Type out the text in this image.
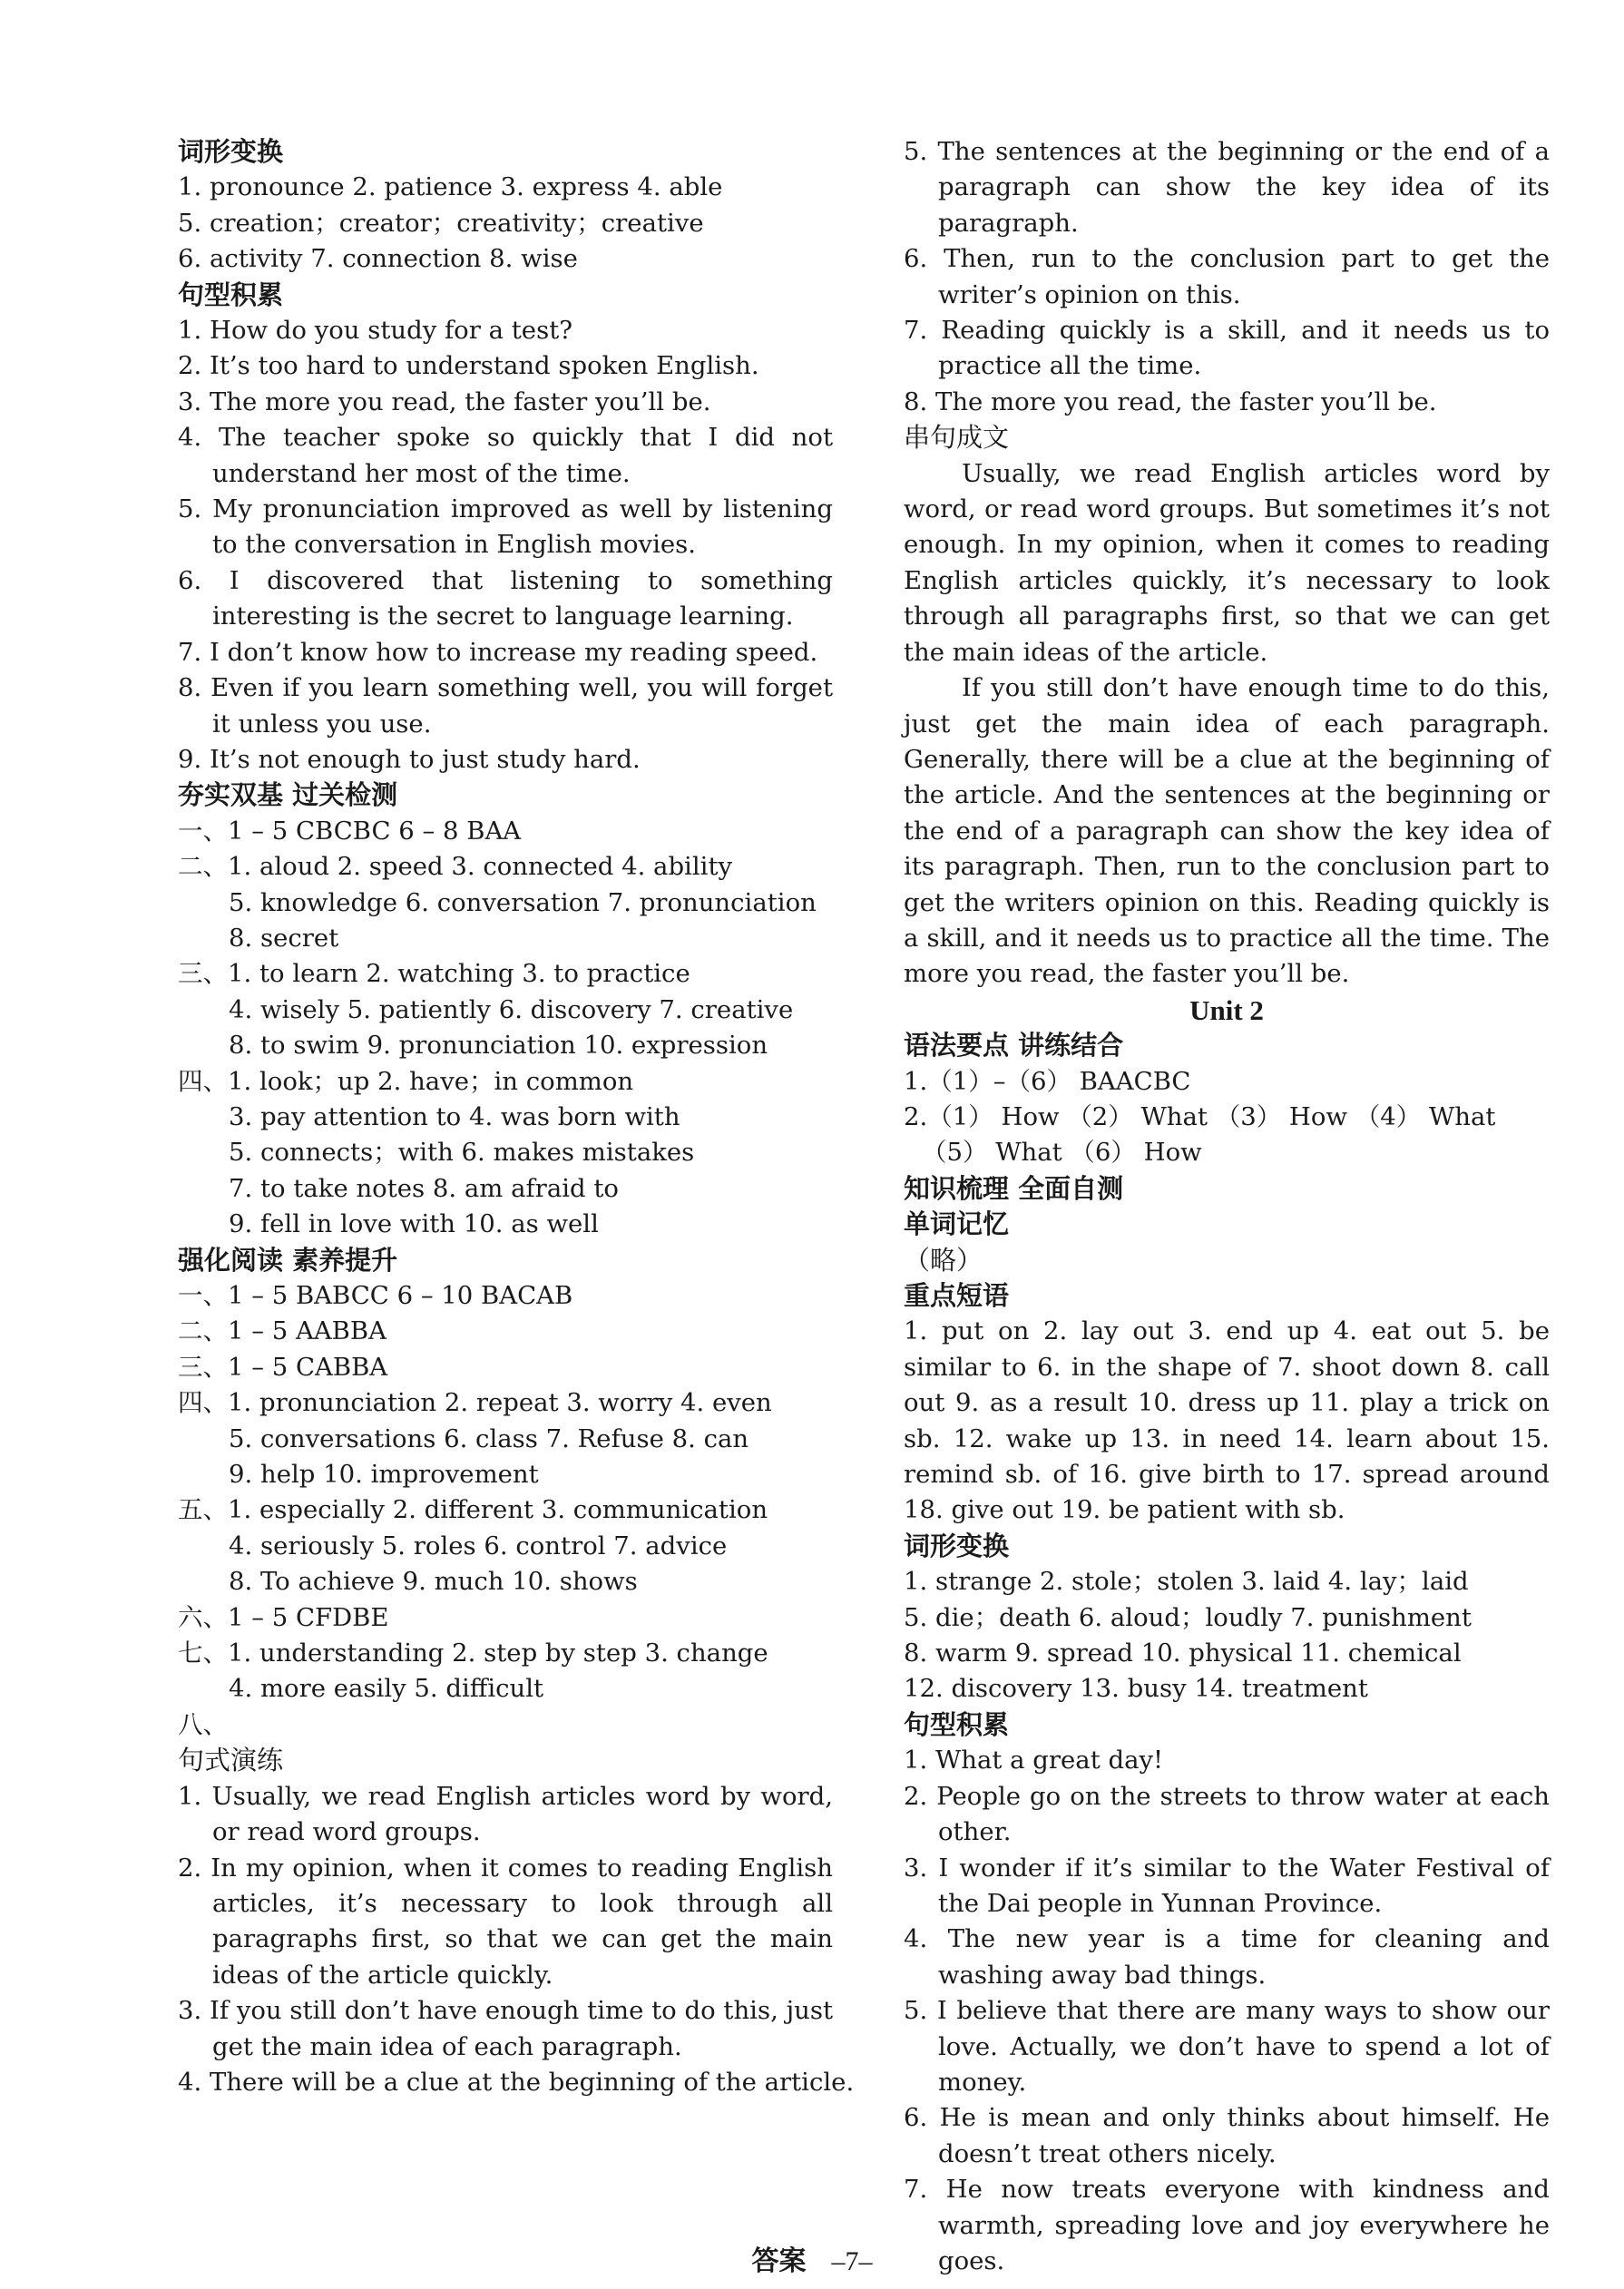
词形变换
1. pronounce 2. patience 3. express 4. able
5. creation；creator；creativity；creative
6. activity 7. connection 8. wise
句型积累
1. How do you study for a test?
2. It’s too hard to understand spoken English.
3. The more you read, the faster you’ll be.
4. The teacher spoke so quickly that I did not understand her most of the time.
5. My pronunciation improved as well by listening to the conversation in English movies.
6. I discovered that listening to something interesting is the secret to language learning.
7. I don’t know how to increase my reading speed.
8. Even if you learn something well, you will forget it unless you use.
9. It’s not enough to just study hard.
夯实双基 过关检测
一、1 – 5 CBCBC 6 – 8 BAA
二、1. aloud 2. speed 3. connected 4. ability
5. knowledge 6. conversation 7. pronunciation
8. secret
三、1. to learn 2. watching 3. to practice
4. wisely 5. patiently 6. discovery 7. creative
8. to swim 9. pronunciation 10. expression
四、1. look；up 2. have；in common
3. pay attention to 4. was born with
5. connects；with 6. makes mistakes
7. to take notes 8. am afraid to
9. fell in love with 10. as well
强化阅读 素养提升
一、1 – 5 BABCC 6 – 10 BACAB
二、1 – 5 AABBA
三、1 – 5 CABBA
四、1. pronunciation 2. repeat 3. worry 4. even
5. conversations 6. class 7. Refuse 8. can
9. help 10. improvement
五、1. especially 2. different 3. communication
4. seriously 5. roles 6. control 7. advice
8. To achieve 9. much 10. shows
六、1 – 5 CFDBE
七、1. understanding 2. step by step 3. change
4. more easily 5. difficult
八、
句式演练
1. Usually, we read English articles word by word, or read word groups.
2. In my opinion, when it comes to reading English articles, it’s necessary to look through all paragraphs first, so that we can get the main ideas of the article quickly.
3. If you still don’t have enough time to do this, just get the main idea of each paragraph.
4. There will be a clue at the beginning of the article.
5. The sentences at the beginning or the end of a paragraph can show the key idea of its paragraph.
6. Then, run to the conclusion part to get the writer’s opinion on this.
7. Reading quickly is a skill, and it needs us to practice all the time.
8. The more you read, the faster you’ll be.
串句成文
Usually, we read English articles word by word, or read word groups. But sometimes it’s not enough. In my opinion, when it comes to reading English articles quickly, it’s necessary to look through all paragraphs first, so that we can get the main ideas of the article.
If you still don’t have enough time to do this, just get the main idea of each paragraph. Generally, there will be a clue at the beginning of the article. And the sentences at the beginning or the end of a paragraph can show the key idea of its paragraph. Then, run to the conclusion part to get the writers opinion on this. Reading quickly is a skill, and it needs us to practice all the time. The more you read, the faster you’ll be.
Unit 2
语法要点 讲练结合
1.（1）–（6） BAACBC
2.（1） How （2） What （3） How （4） What
（5） What （6） How
知识梳理 全面自测
单词记忆
（略）
重点短语
1. put on 2. lay out 3. end up 4. eat out 5. be similar to 6. in the shape of 7. shoot down 8. call out 9. as a result 10. dress up 11. play a trick on sb. 12. wake up 13. in need 14. learn about 15. remind sb. of 16. give birth to 17. spread around 18. give out 19. be patient with sb.
词形变换
1. strange 2. stole；stolen 3. laid 4. lay；laid
5. die；death 6. aloud；loudly 7. punishment
8. warm 9. spread 10. physical 11. chemical
12. discovery 13. busy 14. treatment
句型积累
1. What a great day!
2. People go on the streets to throw water at each other.
3. I wonder if it’s similar to the Water Festival of the Dai people in Yunnan Province.
4. The new year is a time for cleaning and washing away bad things.
5. I believe that there are many ways to show our love. Actually, we don’t have to spend a lot of money.
6. He is mean and only thinks about himself. He doesn’t treat others nicely.
7. He now treats everyone with kindness and warmth, spreading love and joy everywhere he goes.
答案 –7–
